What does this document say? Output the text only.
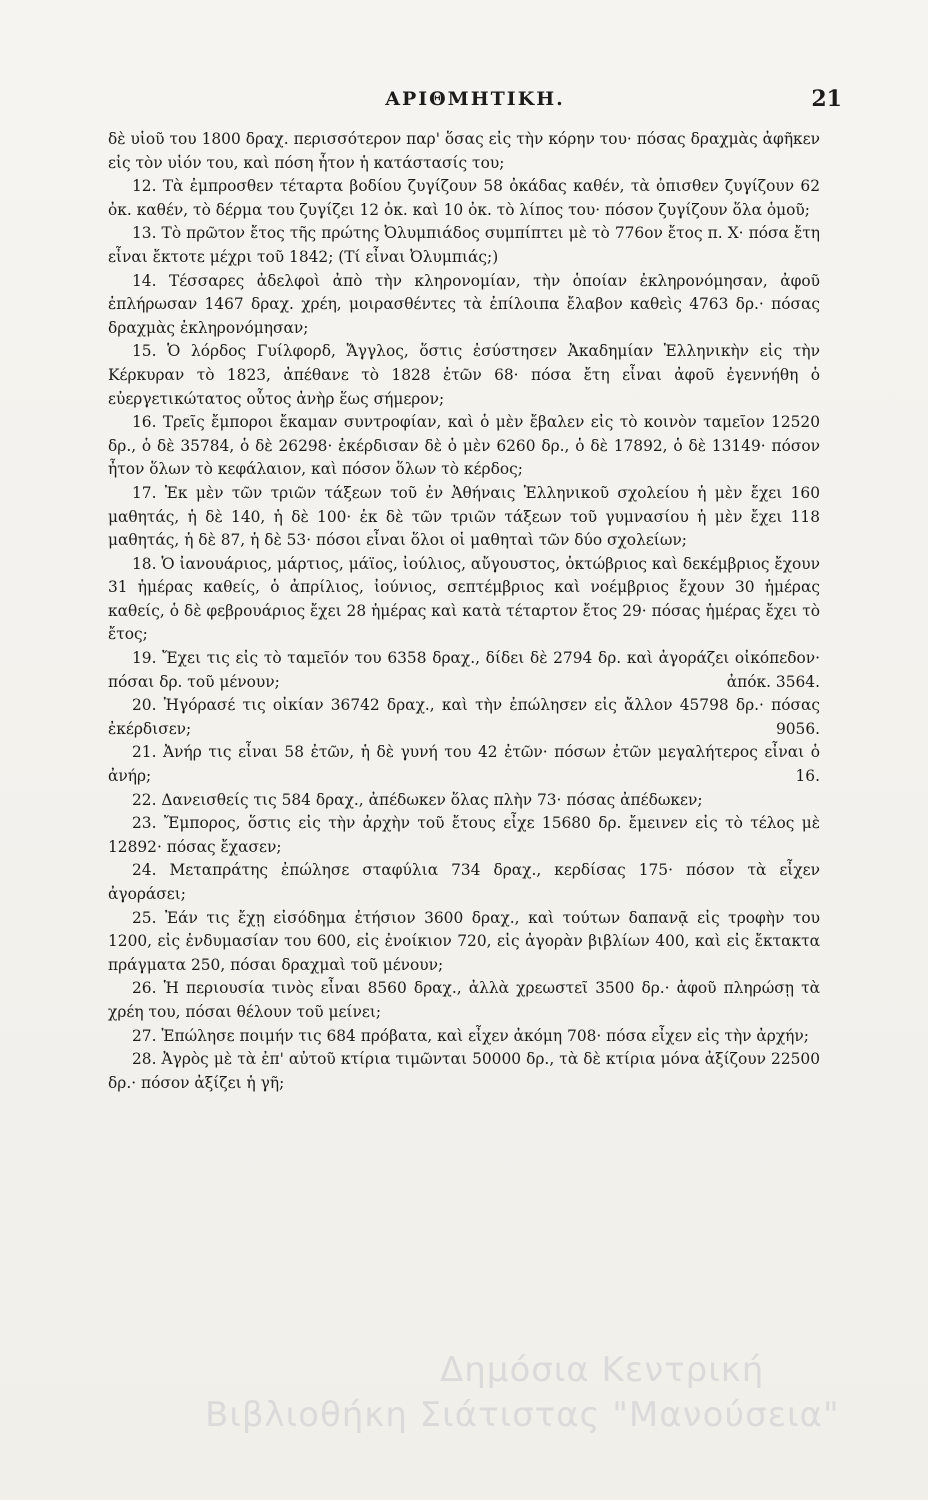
ΑΡΙΘΜΗΤΙΚΗ.	21

δὲ υἱοῦ του 1800 δραχ. περισσότερον παρ' ὅσας εἰς τὴν κόρην του· πόσας δραχμὰς ἀφῆκεν εἰς τὸν υἱόν του, καὶ πόση ἦτον ἡ κατάστασίς του;

12. Τὰ ἐμπροσθεν τέταρτα βοδίου ζυγίζουν 58 ὀκάδας καθέν, τὰ ὀπισθεν ζυγίζουν 62 ὀκ. καθέν, τὸ δέρμα του ζυγίζει 12 ὀκ. καὶ 10 ὀκ. τὸ λίπος του· πόσον ζυγίζουν ὅλα ὁμοῦ;

13. Τὸ πρῶτον ἔτος τῆς πρώτης Ὀλυμπιάδος συμπίπτει μὲ τὸ 776ον ἔτος π. Χ· πόσα ἔτη εἶναι ἔκτοτε μέχρι τοῦ 1842; (Τί εἶναι Ὀλυμπιάς;)

14. Τέσσαρες ἀδελφοὶ ἀπὸ τὴν κληρονομίαν, τὴν ὁποίαν ἐκληρονόμησαν, ἀφοῦ ἐπλήρωσαν 1467 δραχ. χρέη, μοιρασθέντες τὰ ἐπίλοιπα ἔλαβον καθεὶς 4763 δρ.· πόσας δραχμὰς ἐκληρονόμησαν;

15. Ὁ λόρδος Γυίλφορδ, Ἄγγλος, ὅστις ἐσύστησεν Ἀκαδημίαν Ἑλληνικὴν εἰς τὴν Κέρκυραν τὸ 1823, ἀπέθανε τὸ 1828 ἐτῶν 68· πόσα ἔτη εἶναι ἀφοῦ ἐγεννήθη ὁ εὐεργετικώτατος οὗτος ἀνὴρ ἕως σήμερον;

16. Τρεῖς ἔμποροι ἔκαμαν συντροφίαν, καὶ ὁ μὲν ἔβαλεν εἰς τὸ κοινὸν ταμεῖον 12520 δρ., ὁ δὲ 35784, ὁ δὲ 26298· ἐκέρδισαν δὲ ὁ μὲν 6260 δρ., ὁ δὲ 17892, ὁ δὲ 13149· πόσον ἦτον ὅλων τὸ κεφάλαιον, καὶ πόσον ὅλων τὸ κέρδος;

17. Ἐκ μὲν τῶν τριῶν τάξεων τοῦ ἐν Ἀθήναις Ἑλληνικοῦ σχολείου ἡ μὲν ἔχει 160 μαθητάς, ἡ δὲ 140, ἡ δὲ 100· ἐκ δὲ τῶν τριῶν τάξεων τοῦ γυμνασίου ἡ μὲν ἔχει 118 μαθητάς, ἡ δὲ 87, ἡ δὲ 53· πόσοι εἶναι ὅλοι οἱ μαθηταὶ τῶν δύο σχολείων;

18. Ὁ ἰανουάριος, μάρτιος, μάϊος, ἰούλιος, αὔγουστος, ὀκτώβριος καὶ δεκέμβριος ἔχουν 31 ἡμέρας καθείς, ὁ ἀπρίλιος, ἰούνιος, σεπτέμβριος καὶ νοέμβριος ἔχουν 30 ἡμέρας καθείς, ὁ δὲ φεβρουάριος ἔχει 28 ἡμέρας καὶ κατὰ τέταρτον ἔτος 29· πόσας ἡμέρας ἔχει τὸ ἔτος;

19. Ἔχει τις εἰς τὸ ταμεῖόν του 6358 δραχ., δίδει δὲ 2794 δρ. καὶ ἀγοράζει οἰκόπεδον· πόσαι δρ. τοῦ μένουν;	ἀπόκ. 3564.

20. Ἠγόρασέ τις οἰκίαν 36742 δραχ., καὶ τὴν ἐπώλησεν εἰς ἄλλον 45798 δρ.· πόσας ἐκέρδισεν;	9056.

21. Ἀνήρ τις εἶναι 58 ἐτῶν, ἡ δὲ γυνή του 42 ἐτῶν· πόσων ἐτῶν μεγαλήτερος εἶναι ὁ ἀνήρ;	16.

22. Δανεισθείς τις 584 δραχ., ἀπέδωκεν ὅλας πλὴν 73· πόσας ἀπέδωκεν;

23. Ἔμπορος, ὅστις εἰς τὴν ἀρχὴν τοῦ ἔτους εἶχε 15680 δρ. ἔμεινεν εἰς τὸ τέλος μὲ 12892· πόσας ἔχασεν;

24. Μεταπράτης ἐπώλησε σταφύλια 734 δραχ., κερδίσας 175· πόσον τὰ εἶχεν ἀγοράσει;

25. Ἐάν τις ἔχῃ εἰσόδημα ἐτήσιον 3600 δραχ., καὶ τούτων δαπανᾷ εἰς τροφὴν του 1200, εἰς ἐνδυμασίαν του 600, εἰς ἐνοίκιον 720, εἰς ἀγορὰν βιβλίων 400, καὶ εἰς ἔκτακτα πράγματα 250, πόσαι δραχμαὶ τοῦ μένουν;

26. Ἡ περιουσία τινὸς εἶναι 8560 δραχ., ἀλλὰ χρεωστεῖ 3500 δρ.· ἀφοῦ πληρώσῃ τὰ χρέη του, πόσαι θέλουν τοῦ μείνει;

27. Ἐπώλησε ποιμήν τις 684 πρόβατα, καὶ εἶχεν ἀκόμη 708· πόσα εἶχεν εἰς τὴν ἀρχήν;

28. Ἀγρὸς μὲ τὰ ἐπ' αὐτοῦ κτίρια τιμῶνται 50000 δρ., τὰ δὲ κτίρια μόνα ἀξίζουν 22500 δρ.· πόσον ἀξίζει ἡ γῆ;

Δημόσια Κεντρική
Βιβλιοθήκη Σιάτιστας "Μανούσεια"
